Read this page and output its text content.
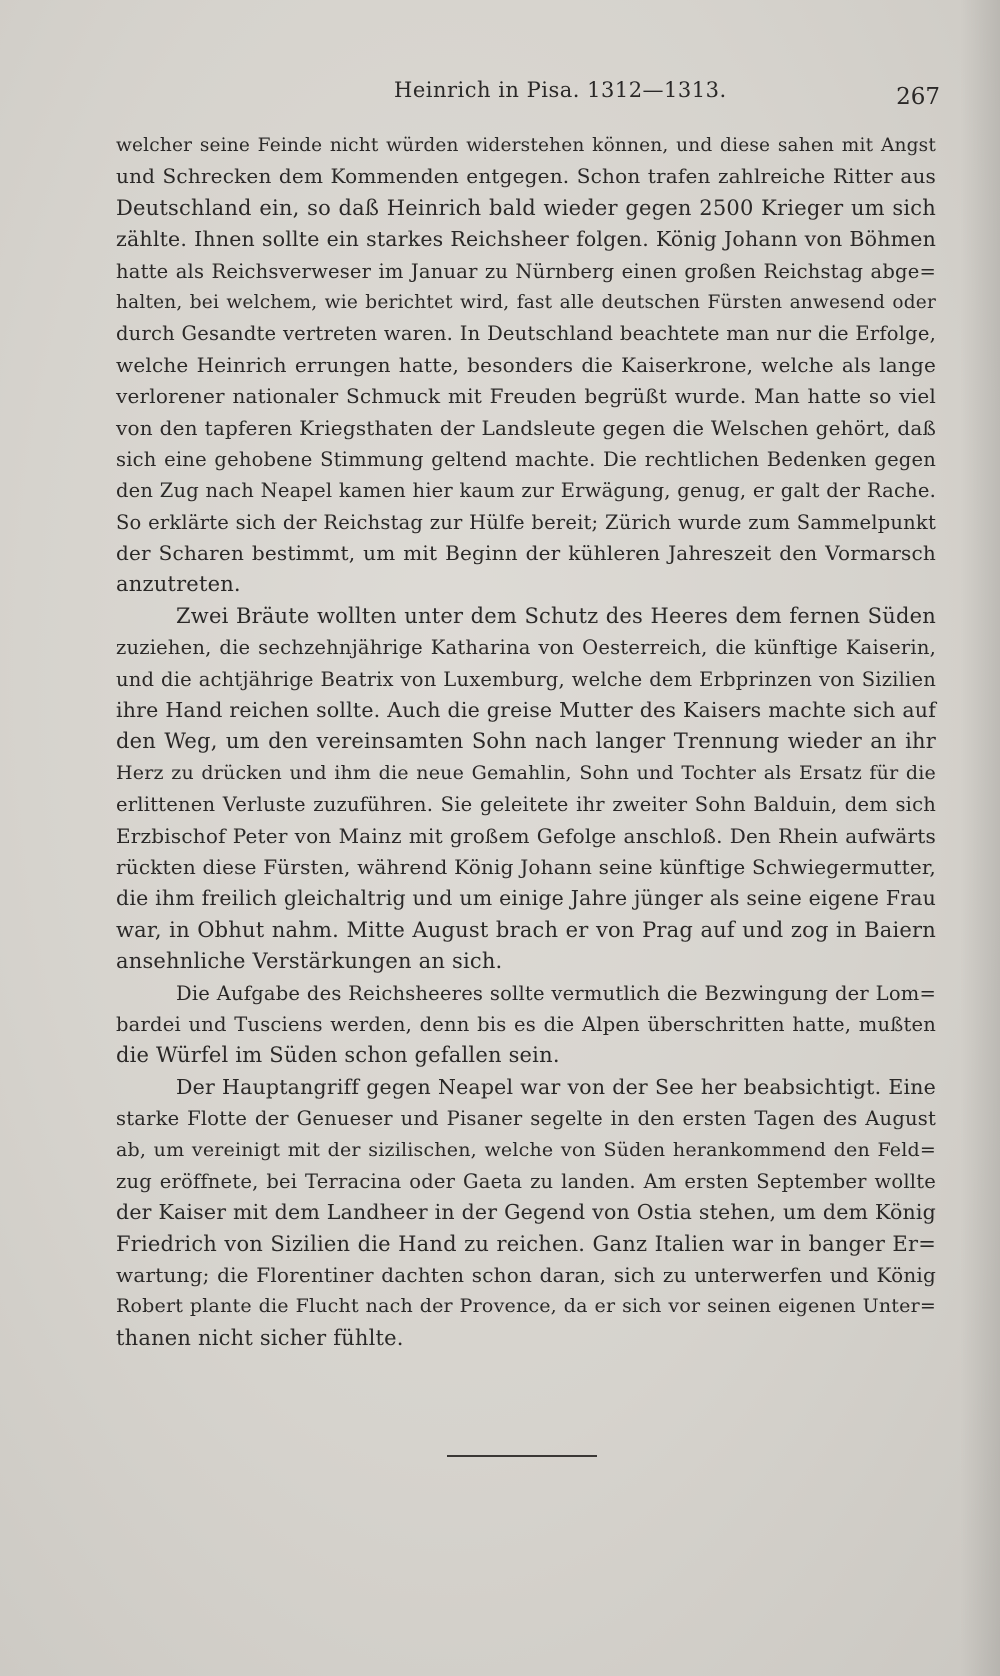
Heinrich in Pisa. 1312—1313.	267
welcher seine Feinde nicht würden widerstehen können, und diese sahen mit Angst
und Schrecken dem Kommenden entgegen. Schon trafen zahlreiche Ritter aus
Deutschland ein, so daß Heinrich bald wieder gegen 2500 Krieger um sich
zählte. Ihnen sollte ein starkes Reichsheer folgen. König Johann von Böhmen
hatte als Reichsverweser im Januar zu Nürnberg einen großen Reichstag abge=
halten, bei welchem, wie berichtet wird, fast alle deutschen Fürsten anwesend oder
durch Gesandte vertreten waren. In Deutschland beachtete man nur die Erfolge,
welche Heinrich errungen hatte, besonders die Kaiserkrone, welche als lange
verlorener nationaler Schmuck mit Freuden begrüßt wurde. Man hatte so viel
von den tapferen Kriegsthaten der Landsleute gegen die Welschen gehört, daß
sich eine gehobene Stimmung geltend machte. Die rechtlichen Bedenken gegen
den Zug nach Neapel kamen hier kaum zur Erwägung, genug, er galt der Rache.
So erklärte sich der Reichstag zur Hülfe bereit; Zürich wurde zum Sammelpunkt
der Scharen bestimmt, um mit Beginn der kühleren Jahreszeit den Vormarsch
anzutreten.
Zwei Bräute wollten unter dem Schutz des Heeres dem fernen Süden
zuziehen, die sechzehnjährige Katharina von Oesterreich, die künftige Kaiserin,
und die achtjährige Beatrix von Luxemburg, welche dem Erbprinzen von Sizilien
ihre Hand reichen sollte. Auch die greise Mutter des Kaisers machte sich auf
den Weg, um den vereinsamten Sohn nach langer Trennung wieder an ihr
Herz zu drücken und ihm die neue Gemahlin, Sohn und Tochter als Ersatz für die
erlittenen Verluste zuzuführen. Sie geleitete ihr zweiter Sohn Balduin, dem sich
Erzbischof Peter von Mainz mit großem Gefolge anschloß. Den Rhein aufwärts
rückten diese Fürsten, während König Johann seine künftige Schwiegermutter,
die ihm freilich gleichaltrig und um einige Jahre jünger als seine eigene Frau
war, in Obhut nahm. Mitte August brach er von Prag auf und zog in Baiern
ansehnliche Verstärkungen an sich.
Die Aufgabe des Reichsheeres sollte vermutlich die Bezwingung der Lom=
bardei und Tusciens werden, denn bis es die Alpen überschritten hatte, mußten
die Würfel im Süden schon gefallen sein.
Der Hauptangriff gegen Neapel war von der See her beabsichtigt. Eine
starke Flotte der Genueser und Pisaner segelte in den ersten Tagen des August
ab, um vereinigt mit der sizilischen, welche von Süden herankommend den Feld=
zug eröffnete, bei Terracina oder Gaeta zu landen. Am ersten September wollte
der Kaiser mit dem Landheer in der Gegend von Ostia stehen, um dem König
Friedrich von Sizilien die Hand zu reichen. Ganz Italien war in banger Er=
wartung; die Florentiner dachten schon daran, sich zu unterwerfen und König
Robert plante die Flucht nach der Provence, da er sich vor seinen eigenen Unter=
thanen nicht sicher fühlte.
